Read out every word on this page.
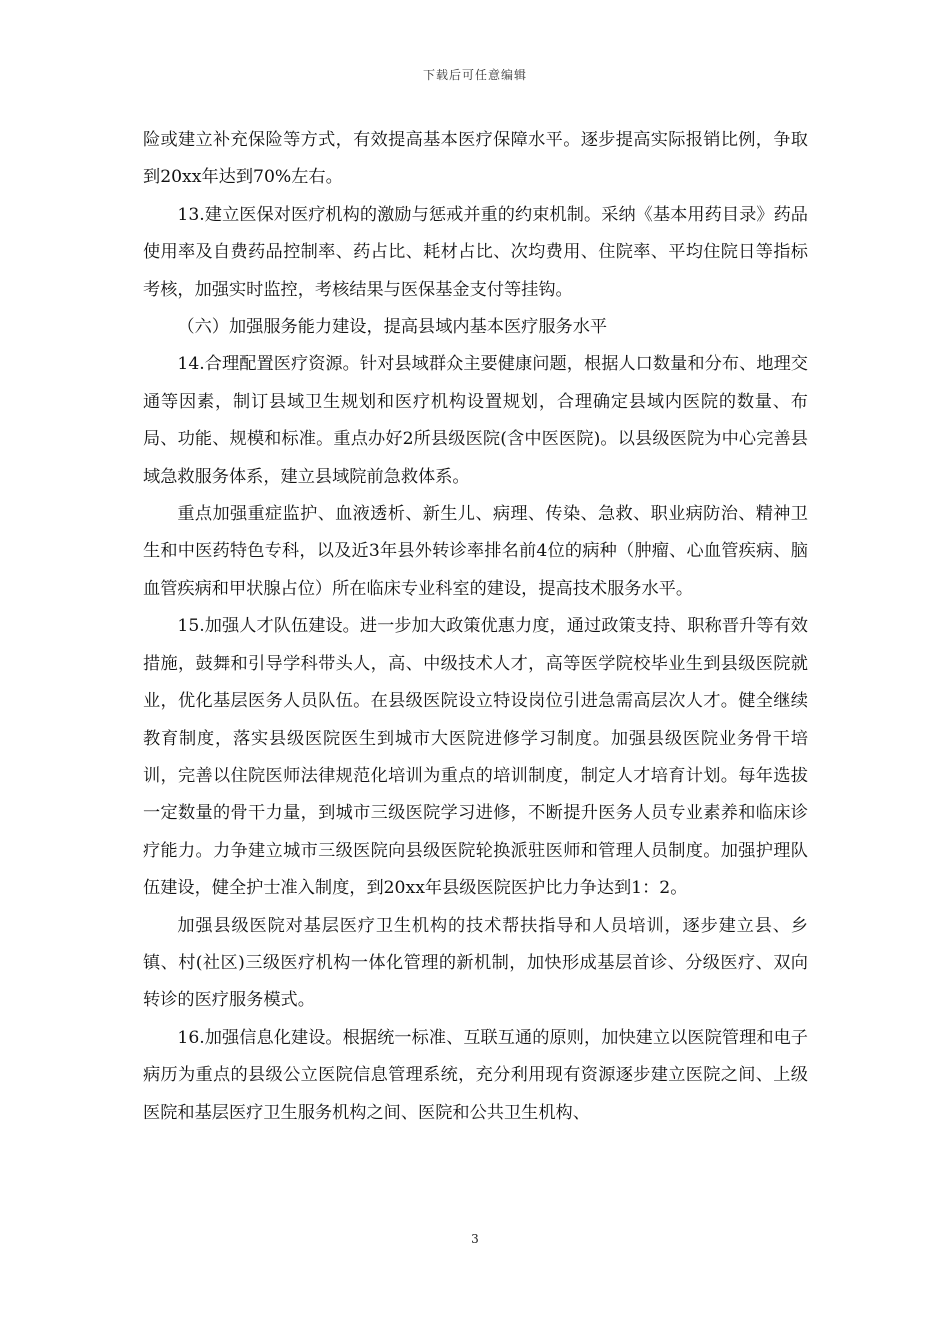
下载后可任意编辑

险或建立补充保险等方式，有效提高基本医疗保障水平。逐步提高实际报销比例，争取到20xx年达到70%左右。

13.建立医保对医疗机构的激励与惩戒并重的约束机制。采纳《基本用药目录》药品使用率及自费药品控制率、药占比、耗材占比、次均费用、住院率、平均住院日等指标考核，加强实时监控，考核结果与医保基金支付等挂钩。

（六）加强服务能力建设，提高县域内基本医疗服务水平

14.合理配置医疗资源。针对县域群众主要健康问题，根据人口数量和分布、地理交通等因素，制订县域卫生规划和医疗机构设置规划，合理确定县域内医院的数量、布局、功能、规模和标准。重点办好2所县级医院(含中医医院)。以县级医院为中心完善县域急救服务体系，建立县域院前急救体系。

重点加强重症监护、血液透析、新生儿、病理、传染、急救、职业病防治、精神卫生和中医药特色专科，以及近3年县外转诊率排名前4位的病种（肿瘤、心血管疾病、脑血管疾病和甲状腺占位）所在临床专业科室的建设，提高技术服务水平。

15.加强人才队伍建设。进一步加大政策优惠力度，通过政策支持、职称晋升等有效措施，鼓舞和引导学科带头人，高、中级技术人才，高等医学院校毕业生到县级医院就业，优化基层医务人员队伍。在县级医院设立特设岗位引进急需高层次人才。健全继续教育制度，落实县级医院医生到城市大医院进修学习制度。加强县级医院业务骨干培训，完善以住院医师法律规范化培训为重点的培训制度，制定人才培育计划。每年选拔一定数量的骨干力量，到城市三级医院学习进修，不断提升医务人员专业素养和临床诊疗能力。力争建立城市三级医院向县级医院轮换派驻医师和管理人员制度。加强护理队伍建设，健全护士准入制度，到20xx年县级医院医护比力争达到1：2。

加强县级医院对基层医疗卫生机构的技术帮扶指导和人员培训，逐步建立县、乡镇、村(社区)三级医疗机构一体化管理的新机制，加快形成基层首诊、分级医疗、双向转诊的医疗服务模式。

16.加强信息化建设。根据统一标准、互联互通的原则，加快建立以医院管理和电子病历为重点的县级公立医院信息管理系统，充分利用现有资源逐步建立医院之间、上级医院和基层医疗卫生服务机构之间、医院和公共卫生机构、

3
